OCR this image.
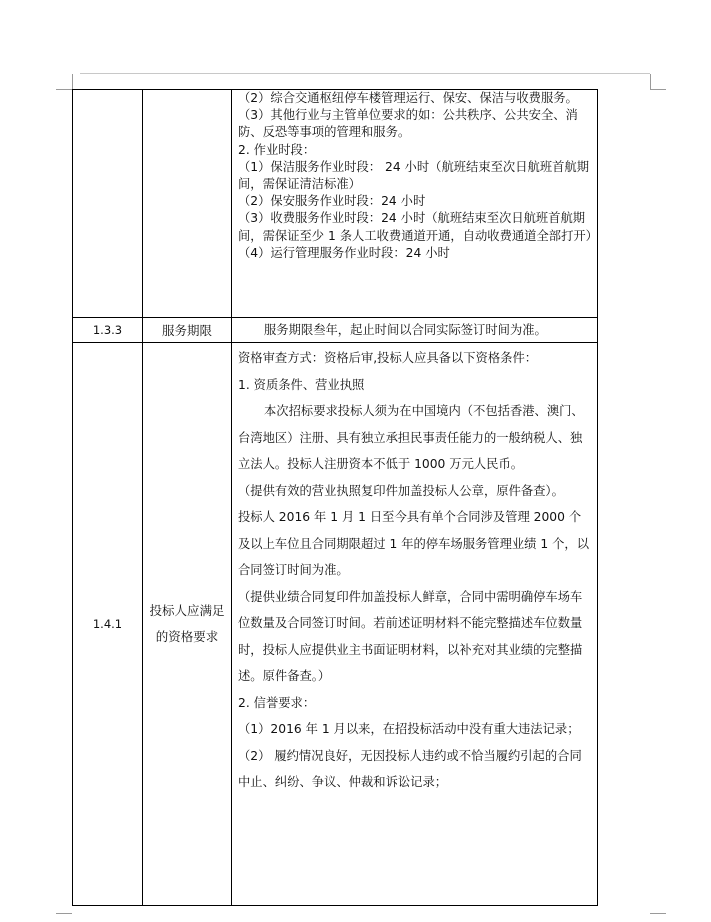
（2）综合交通枢纽停车楼管理运行、保安、保洁与收费服务。

（3）其他行业与主管单位要求的如：公共秩序、公共安全、消防、反恐等事项的管理和服务。

2. 作业时段：

（1）保洁服务作业时段： 24 小时（航班结束至次日航班首航期间，需保证清洁标准）

（2）保安服务作业时段：24 小时

（3）收费服务作业时段：24 小时（航班结束至次日航班首航期间，需保证至少 1 条人工收费通道开通，自动收费通道全部打开）

（4）运行管理服务作业时段：24 小时

1.3.3	服务期限	服务期限叁年，起止时间以合同实际签订时间为准。
1.4.1
投标人应满足的资格要求

资格审查方式：资格后审,投标人应具备以下资格条件：

1. 资质条件、营业执照

本次招标要求投标人须为在中国境内（不包括香港、澳门、台湾地区）注册、具有独立承担民事责任能力的一般纳税人、独立法人。投标人注册资本不低于 1000 万元人民币。

（提供有效的营业执照复印件加盖投标人公章，原件备查）。

投标人 2016 年 1 月 1 日至今具有单个合同涉及管理 2000 个及以上车位且合同期限超过 1 年的停车场服务管理业绩 1 个，以合同签订时间为准。

（提供业绩合同复印件加盖投标人鲜章，合同中需明确停车场车位数量及合同签订时间。若前述证明材料不能完整描述车位数量时，投标人应提供业主书面证明材料，以补充对其业绩的完整描述。原件备查。）

2. 信誉要求：

（1）2016 年 1 月以来，在招投标活动中没有重大违法记录；

（2） 履约情况良好，无因投标人违约或不恰当履约引起的合同中止、纠纷、争议、仲裁和诉讼记录；
